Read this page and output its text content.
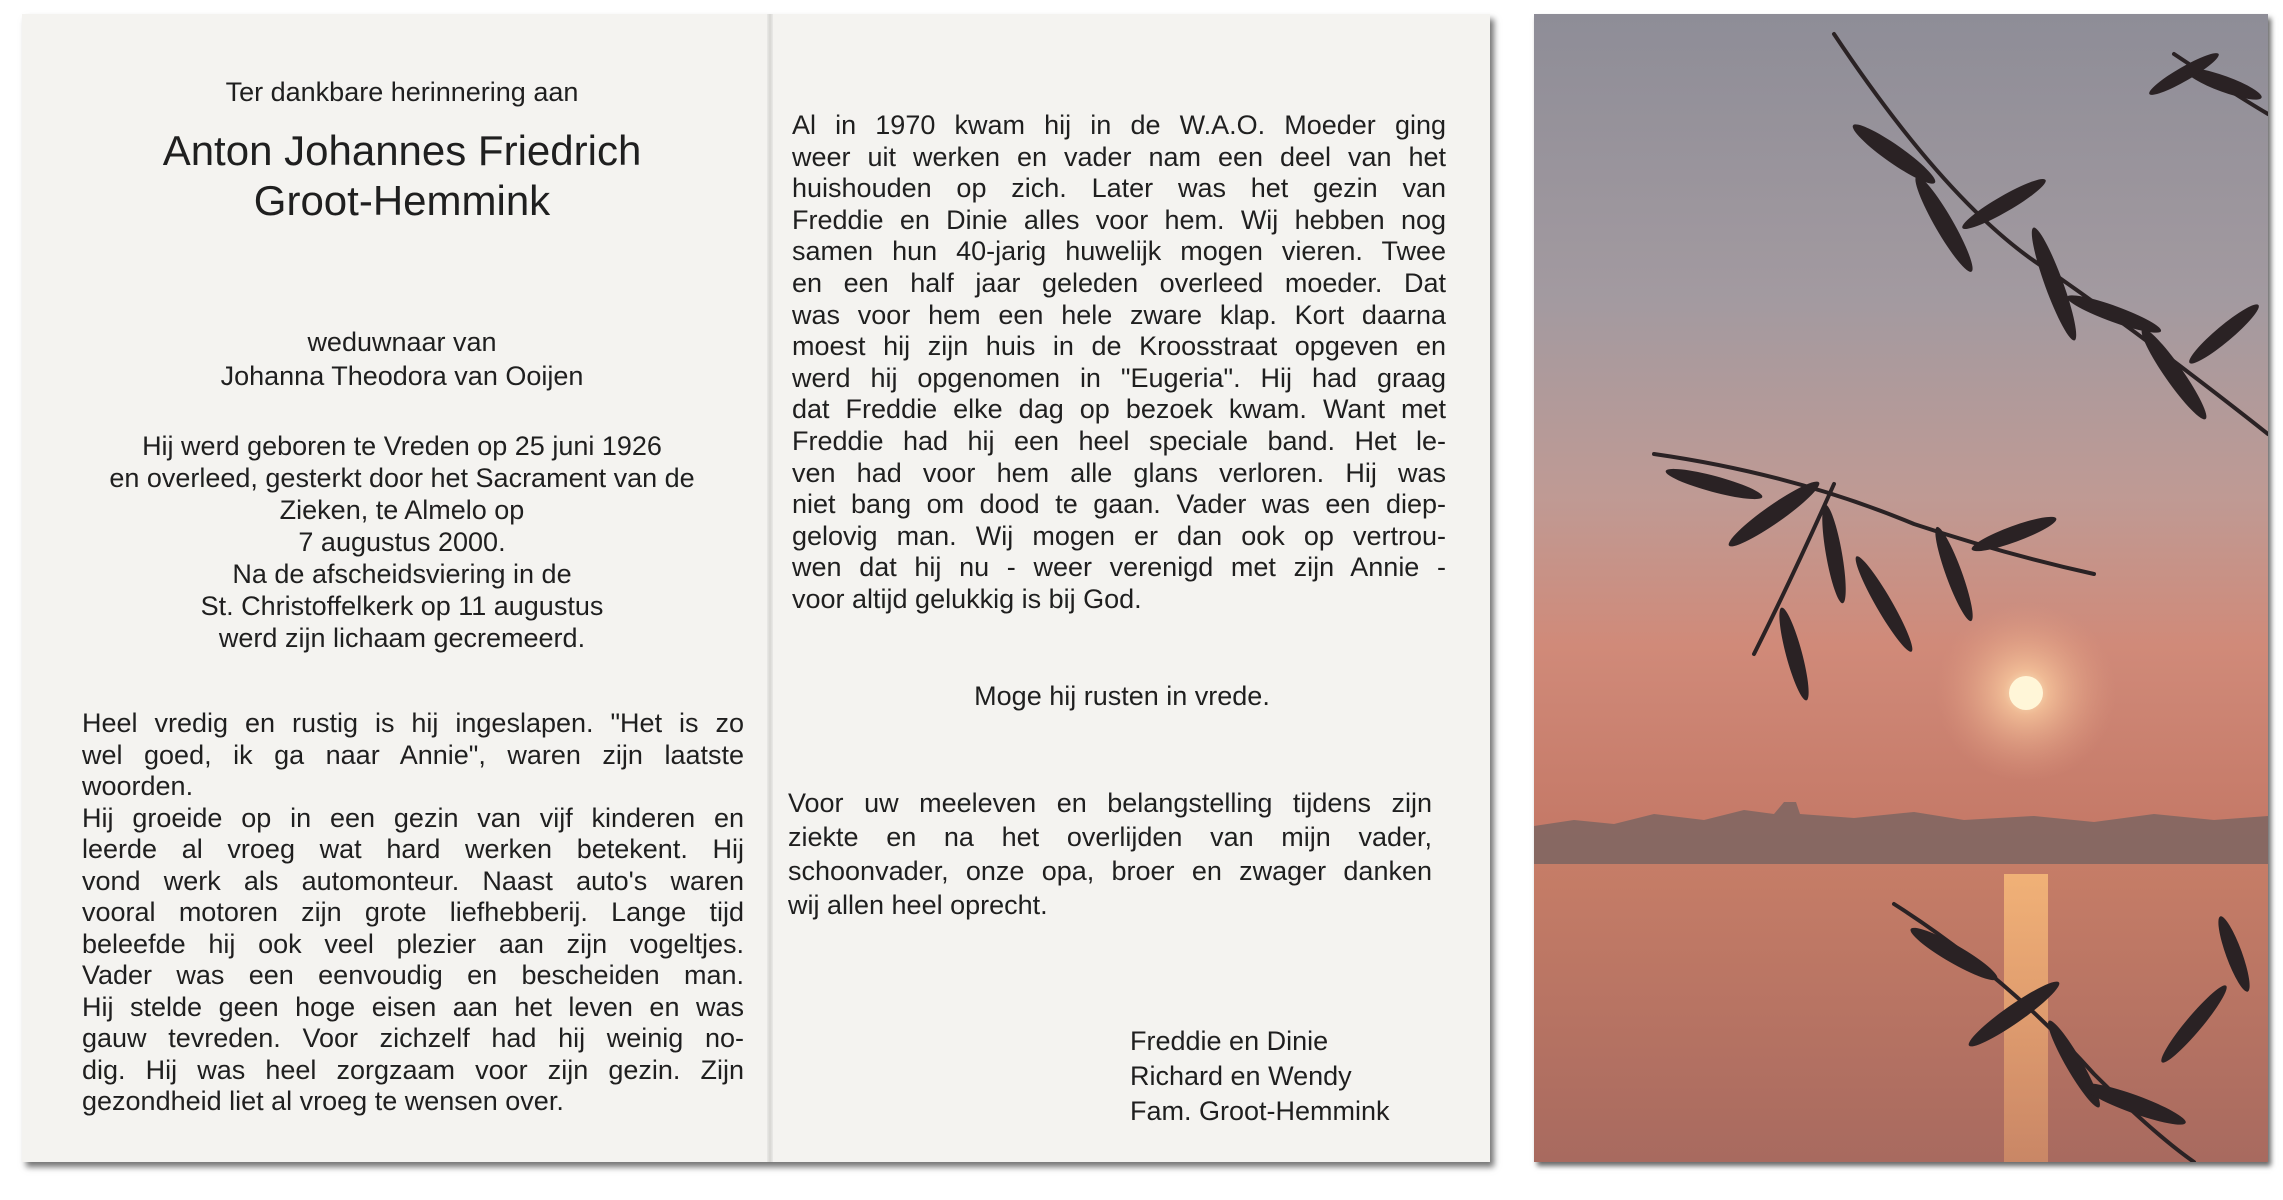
Ter dankbare herinnering aan
Anton Johannes Friedrich
Groot-Hemmink
weduwnaar van
Johanna Theodora van Ooijen
Hij werd geboren te Vreden op 25 juni 1926
en overleed, gesterkt door het Sacrament van de
Zieken, te Almelo op
7 augustus 2000.
Na de afscheidsviering in de
St. Christoffelkerk op 11 augustus
werd zijn lichaam gecremeerd.
Heel vredig en rustig is hij ingeslapen. "Het is zo
wel goed, ik ga naar Annie", waren zijn laatste
woorden.
Hij groeide op in een gezin van vijf kinderen en
leerde al vroeg wat hard werken betekent. Hij
vond werk als automonteur. Naast auto's waren
vooral motoren zijn grote liefhebberij. Lange tijd
beleefde hij ook veel plezier aan zijn vogeltjes.
Vader was een eenvoudig en bescheiden man.
Hij stelde geen hoge eisen aan het leven en was
gauw tevreden. Voor zichzelf had hij weinig no-
dig. Hij was heel zorgzaam voor zijn gezin. Zijn
gezondheid liet al vroeg te wensen over.
Al in 1970 kwam hij in de W.A.O. Moeder ging
weer uit werken en vader nam een deel van het
huishouden op zich. Later was het gezin van
Freddie en Dinie alles voor hem. Wij hebben nog
samen hun 40-jarig huwelijk mogen vieren. Twee
en een half jaar geleden overleed moeder. Dat
was voor hem een hele zware klap. Kort daarna
moest hij zijn huis in de Kroosstraat opgeven en
werd hij opgenomen in "Eugeria". Hij had graag
dat Freddie elke dag op bezoek kwam. Want met
Freddie had hij een heel speciale band. Het le-
ven had voor hem alle glans verloren. Hij was
niet bang om dood te gaan. Vader was een diep-
gelovig man. Wij mogen er dan ook op vertrou-
wen dat hij nu - weer verenigd met zijn Annie -
voor altijd gelukkig is bij God.
Moge hij rusten in vrede.
Voor uw meeleven en belangstelling tijdens zijn
ziekte en na het overlijden van mijn vader,
schoonvader, onze opa, broer en zwager danken
wij allen heel oprecht.
Freddie en Dinie
Richard en Wendy
Fam. Groot-Hemmink
